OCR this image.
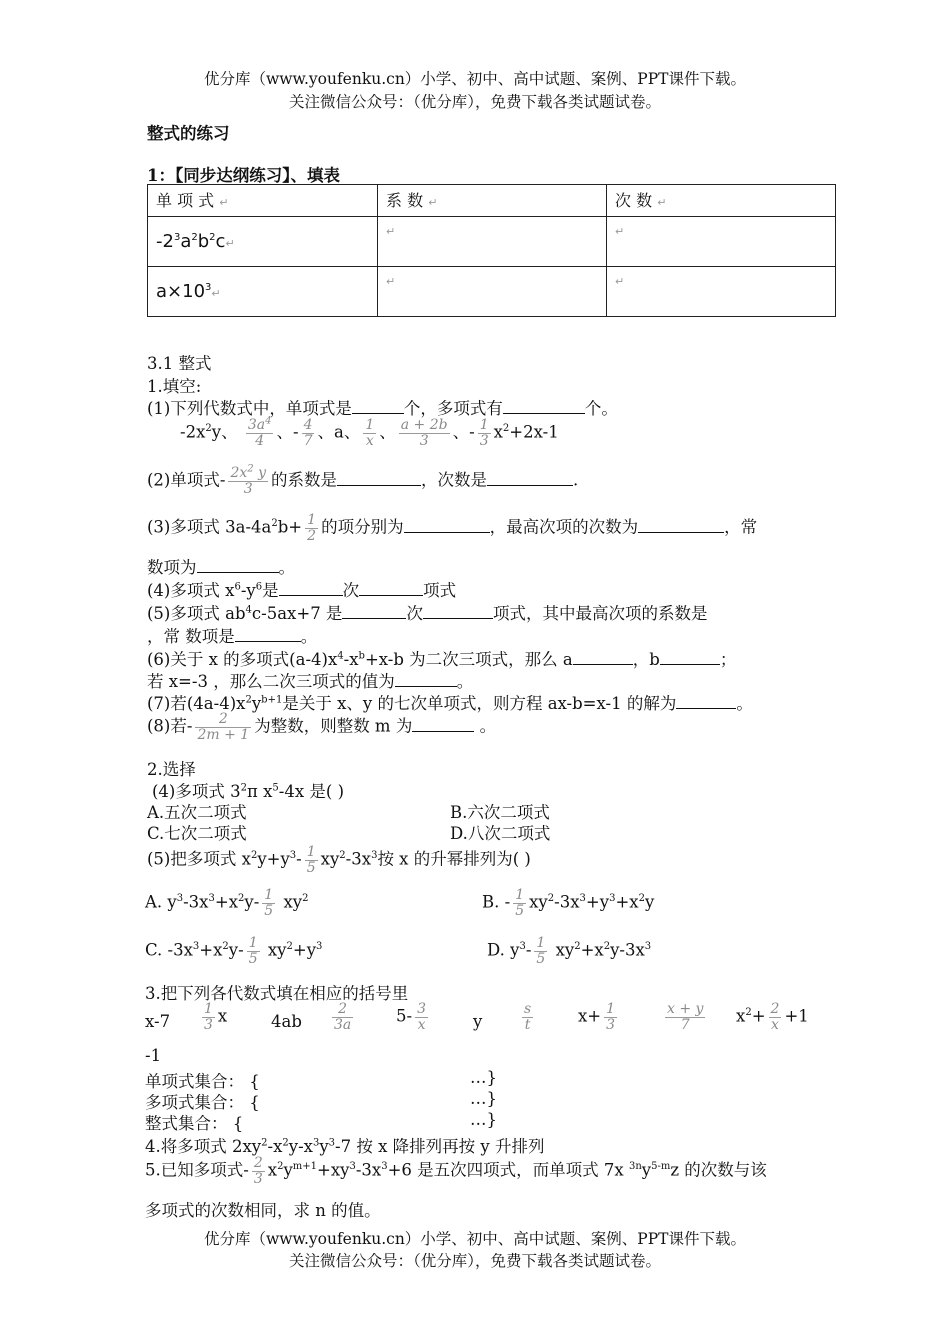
优分库（www.youfenku.cn）小学、初中、高中试题、案例、PPT课件下载。
关注微信公众号：（优分库），免费下载各类试题试卷。
整式的练习
1：【同步达纲练习】、填表
单 项 式 ↵	系 数 ↵	次 数 ↵
$-2^3a^2b^2c↵$	↵	↵
$a\times 10^3↵$	↵	↵
3.1 整式
1.填空:
(1)下列代数式中，单项式是	个，多项式有	个。
$-2x^2y$、 $\frac{3a^4}{4}$ 、- $\frac{4}{7}$ 、a、 $\frac{1}{x}$ 、 $\frac{a + 2b}{3}$ 、- $\frac{1}{3} x^2+2x-1$
(2)单项式- $\frac{2x^2 y}{3}$ 的系数是	，次数是	.
(3)多项式 $3a-4a^2b+ \frac{1}{2}$ 的项分别为	，最高次项的次数为	，常
数项为	。
(4)多项式 $x^6-y^6$是	次	项式
(5)多项式 $ab^4c-5ax+7$ 是	次	项式，其中最高次项的系数是
，常 数项是	。
(6)关于 x 的多项式$(a-4)x^4-x^b+x-b$ 为二次三项式，那么 a	，b	；
若 x=-3 ，那么二次三项式的值为	。
(7)若$(4a-4)x^2y^{b+1}$是关于 x、y 的七次单项式，则方程 ax-b=x-1 的解为	。
(8)若- $\frac{2}{2m + 1}$ 为整数，则整数 m 为	。
2.选择
(4)多项式 $3^2\pi$ $x^5-4x$ 是( )
A.五次二项式	B.六次二项式
C.七次二项式	D.八次二项式
(5)把多项式 $x^2y+y^3- \frac{1}{5} xy^2-3x^3$按 x 的升幂排列为( )
A. $y^3-3x^3+x^2y- \frac{1}{5} xy^2$	B. - $\frac{1}{5} xy^2-3x^3+y^3+x^2y$
C. $-3x^3+x^2y- \frac{1}{5} xy^2+y^3$	D. $y^3- \frac{1}{5} xy^2+x^2y-3x^3$
3.把下列各代数式填在相应的括号里
$x-7 \frac{1}{3}$ x	$4ab \frac{2}{3a}$	$5- \frac{3}{x}$	y	$\frac{s}{t}$	$x+ \frac{1}{3}$	$\frac{x + y}{7} x^2+ \frac{2}{x} +1$
-1
单项式集合： {	…}
多项式集合： {	…}
整式集合： {	…}
4.将多项式 $2xy^2-x^2y-x^3y^3-7$ 按 x 降排列再按 y 升排列
5.已知多项式- $\frac{2}{3} x^2y^{m+1}+xy^3-3x^3+6$ 是五次四项式，而单项式 7x $^{3n}y^{5-m}z$ 的次数与该
多项式的次数相同，求 n 的值。
优分库（www.youfenku.cn）小学、初中、高中试题、案例、PPT课件下载。
关注微信公众号：（优分库），免费下载各类试题试卷。
